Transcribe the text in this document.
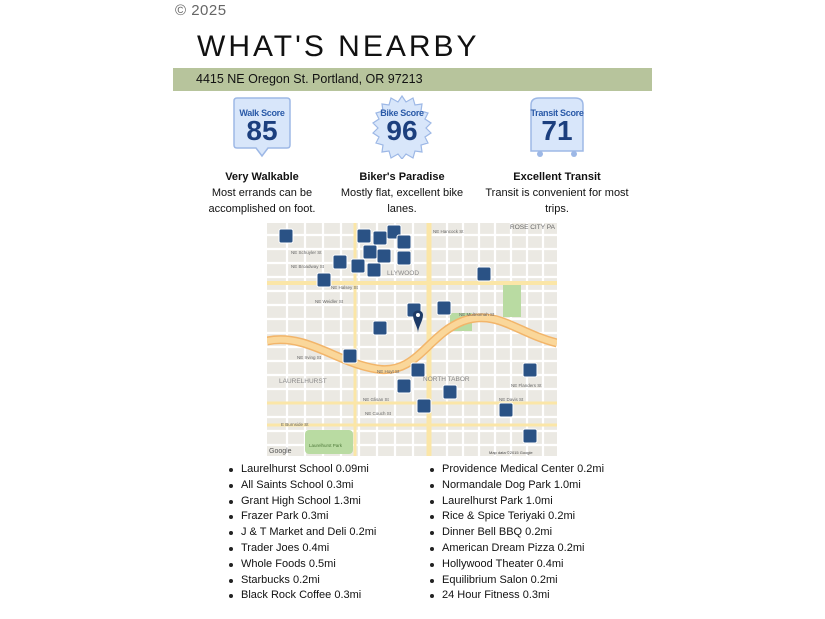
© 2025
WHAT'S NEARBY
4415 NE Oregon St. Portland, OR 97213
Walk Score
85
Very Walkable
Most errands can be
accomplished on foot.
Bike Score
96
Biker's Paradise
Mostly flat, excellent bike
lanes.
Transit Score
71
Excellent Transit
Transit is convenient for most
trips.
ROSE CITY PA
LLYWOOD
NORTH TABOR
LAURELHURST
Laurelhurst Park
NE Hancock St
NE Schuyler St
NE Broadway St
NE Halsey St
NE Weidler St
NE Multnomah St
NE Irving St
NE Hoyt St
NE Glisan St	NE Davis St
NE Couch St
E Burnside St
NE Flanders St
Google	Map data ©2015 Google
Laurelhurst School 0.09mi
All Saints School 0.3mi
Grant High School 1.3mi
Frazer Park 0.3mi
J & T Market and Deli 0.2mi
Trader Joes 0.4mi
Whole Foods 0.5mi
Starbucks 0.2mi
Black Rock Coffee 0.3mi
Providence Medical Center 0.2mi
Normandale Dog Park 1.0mi
Laurelhurst Park 1.0mi
Rice & Spice Teriyaki 0.2mi
Dinner Bell BBQ 0.2mi
American Dream Pizza 0.2mi
Hollywood Theater 0.4mi
Equilibrium Salon 0.2mi
24 Hour Fitness 0.3mi
